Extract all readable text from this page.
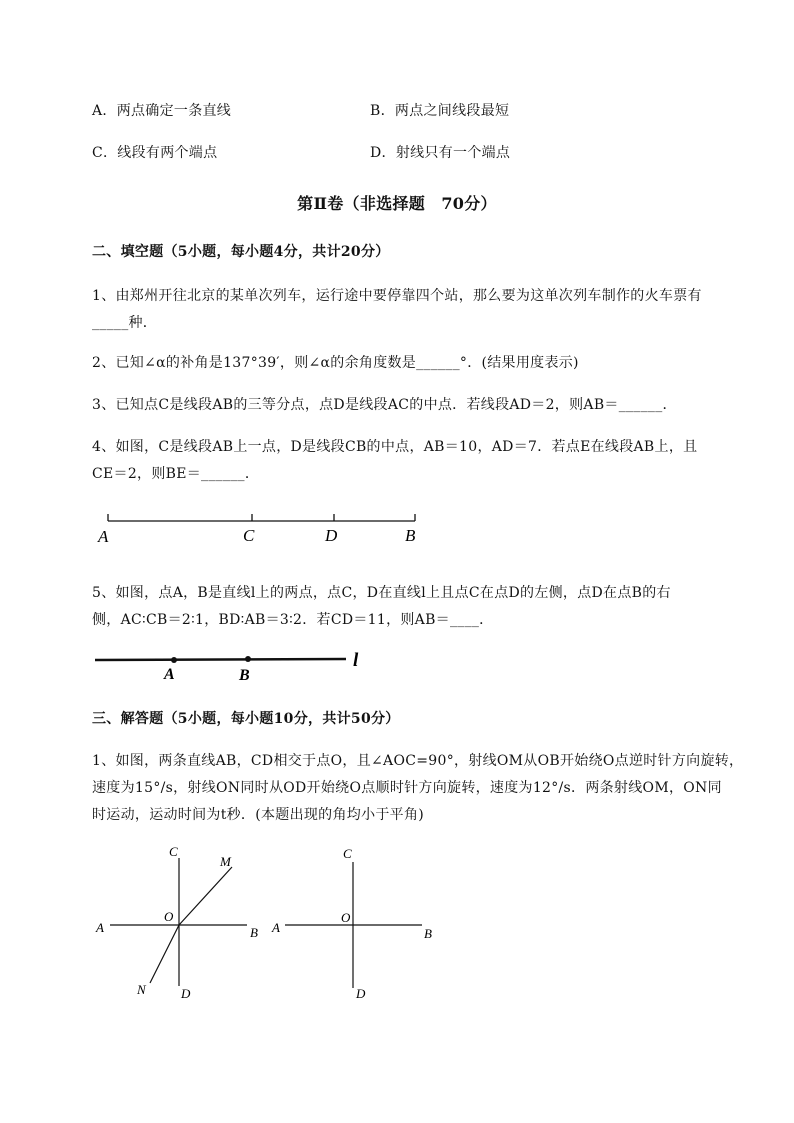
A．两点确定一条直线	B．两点之间线段最短
C．线段有两个端点	D．射线只有一个端点
第Ⅱ卷（非选择题　70分）
二、填空题（5小题，每小题4分，共计20分）
1、由郑州开往北京的某单次列车，运行途中要停靠四个站，那么要为这单次列车制作的火车票有
_____种．
2、已知∠α的补角是137°39′，则∠α的余角度数是______°．(结果用度表示)
3、已知点C是线段AB的三等分点，点D是线段AC的中点．若线段AD＝2，则AB＝______．
4、如图，C是线段AB上一点，D是线段CB的中点，AB＝10，AD＝7．若点E在线段AB上，且
CE＝2，则BE＝______．
A	C	D	B
5、如图，点A，B是直线l上的两点，点C，D在直线l上且点C在点D的左侧，点D在点B的右
侧，AC∶CB＝2∶1，BD∶AB＝3∶2．若CD＝11，则AB＝____．
A	B
l
三、解答题（5小题，每小题10分，共计50分）
1、如图，两条直线AB，CD相交于点O，且∠AOC=90°，射线OM从OB开始绕O点逆时针方向旋转，
速度为15°/s，射线ON同时从OD开始绕O点顺时针方向旋转，速度为12°/s．两条射线OM，ON同
时运动，运动时间为t秒．(本题出现的角均小于平角)
C
M
O
A	B
N	D
C
O
A	B
D
